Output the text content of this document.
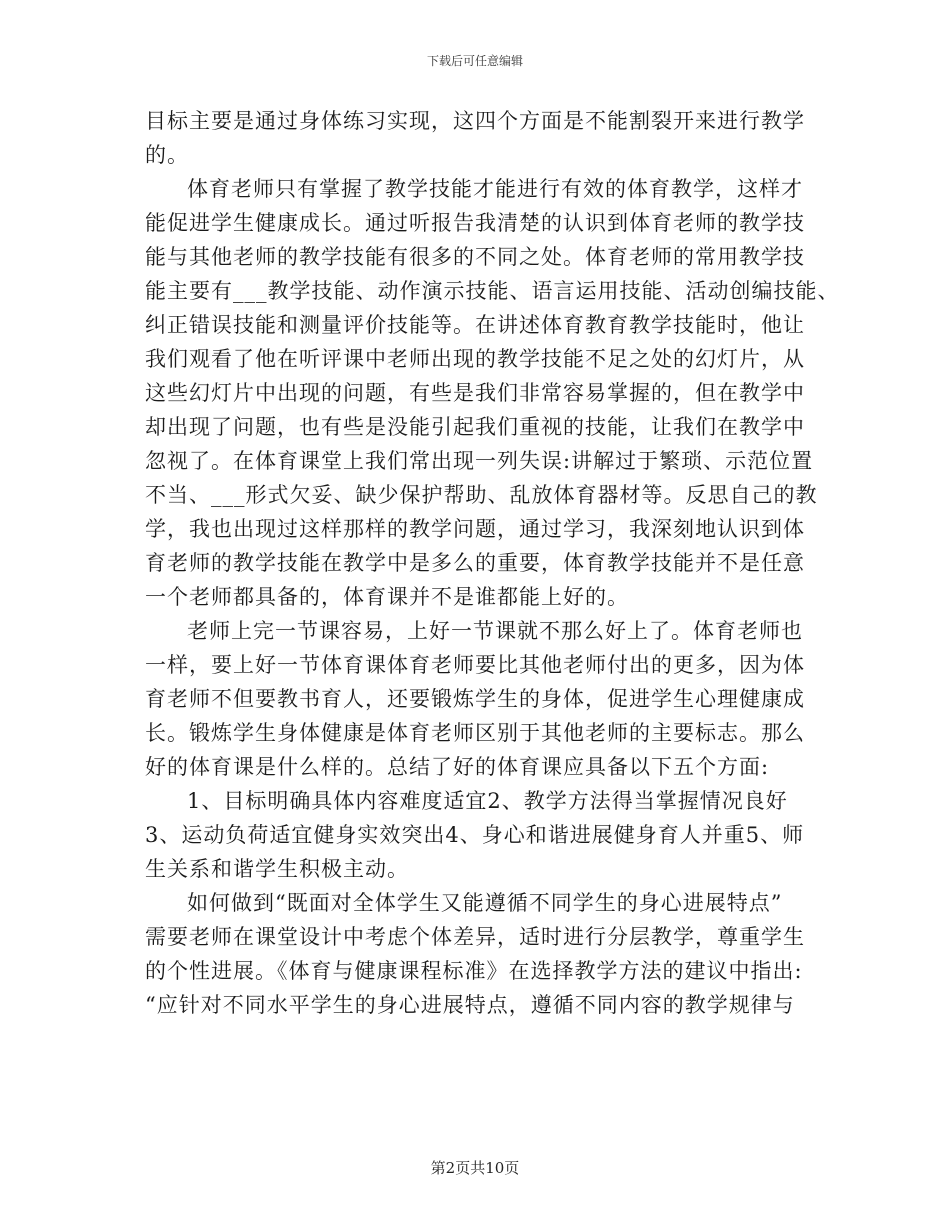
下载后可任意编辑
目标主要是通过身体练习实现，这四个方面是不能割裂开来进行教学
的。
体育老师只有掌握了教学技能才能进行有效的体育教学，这样才
能促进学生健康成长。通过听报告我清楚的认识到体育老师的教学技
能与其他老师的教学技能有很多的不同之处。体育老师的常用教学技
能主要有___教学技能、动作演示技能、语言运用技能、活动创编技能、
纠正错误技能和测量评价技能等。在讲述体育教育教学技能时，他让
我们观看了他在听评课中老师出现的教学技能不足之处的幻灯片，从
这些幻灯片中出现的问题，有些是我们非常容易掌握的，但在教学中
却出现了问题，也有些是没能引起我们重视的技能，让我们在教学中
忽视了。在体育课堂上我们常出现一列失误:讲解过于繁琐、示范位置
不当、___形式欠妥、缺少保护帮助、乱放体育器材等。反思自己的教
学，我也出现过这样那样的教学问题，通过学习，我深刻地认识到体
育老师的教学技能在教学中是多么的重要，体育教学技能并不是任意
一个老师都具备的，体育课并不是谁都能上好的。
老师上完一节课容易，上好一节课就不那么好上了。体育老师也
一样，要上好一节体育课体育老师要比其他老师付出的更多，因为体
育老师不但要教书育人，还要锻炼学生的身体，促进学生心理健康成
长。锻炼学生身体健康是体育老师区别于其他老师的主要标志。那么
好的体育课是什么样的。总结了好的体育课应具备以下五个方面:
1、目标明确具体内容难度适宜2、教学方法得当掌握情况良好
3、运动负荷适宜健身实效突出4、身心和谐进展健身育人并重5、师
生关系和谐学生积极主动。
如何做到“既面对全体学生又能遵循不同学生的身心进展特点”
需要老师在课堂设计中考虑个体差异，适时进行分层教学，尊重学生
的个性进展。《体育与健康课程标准》在选择教学方法的建议中指出:
“应针对不同水平学生的身心进展特点，遵循不同内容的教学规律与
第2页共10页
